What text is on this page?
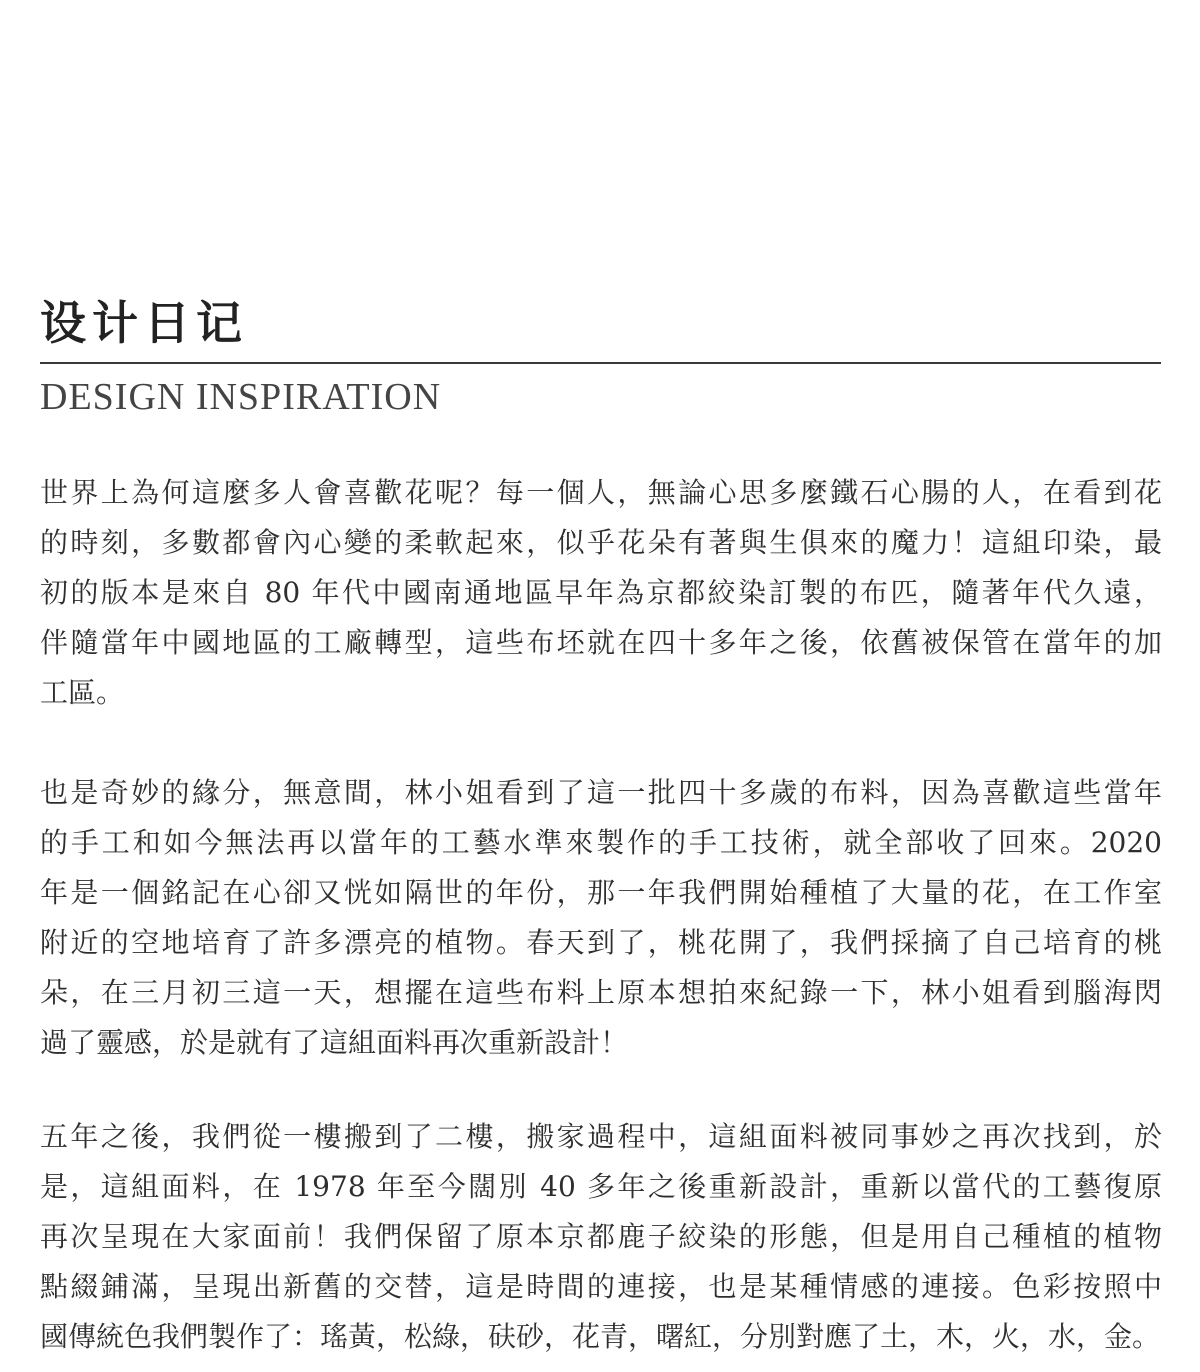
设计日记
DESIGN INSPIRATION
世界上為何這麼多人會喜歡花呢？每一個人，無論心思多麼鐵石心腸的人，在看到花
的時刻，多數都會內心變的柔軟起來，似乎花朵有著與生俱來的魔力！這組印染，最
初的版本是來自 80 年代中國南通地區早年為京都絞染訂製的布匹，隨著年代久遠，
伴隨當年中國地區的工廠轉型，這些布坯就在四十多年之後，依舊被保管在當年的加
工區。
也是奇妙的緣分，無意間，林小姐看到了這一批四十多歲的布料，因為喜歡這些當年
的手工和如今無法再以當年的工藝水準來製作的手工技術，就全部收了回來。2020
年是一個銘記在心卻又恍如隔世的年份，那一年我們開始種植了大量的花，在工作室
附近的空地培育了許多漂亮的植物。春天到了，桃花開了，我們採摘了自己培育的桃
朵，在三月初三這一天，想擺在這些布料上原本想拍來紀錄一下，林小姐看到腦海閃
過了靈感，於是就有了這組面料再次重新設計！
五年之後，我們從一樓搬到了二樓，搬家過程中，這組面料被同事妙之再次找到，於
是，這組面料，在 1978 年至今闊別 40 多年之後重新設計，重新以當代的工藝復原
再次呈現在大家面前！我們保留了原本京都鹿子絞染的形態，但是用自己種植的植物
點綴鋪滿，呈現出新舊的交替，這是時間的連接，也是某種情感的連接。色彩按照中
國傳統色我們製作了：瑤黃，松綠，砆砂，花青，曙紅，分別對應了土，木，火，水，金。
